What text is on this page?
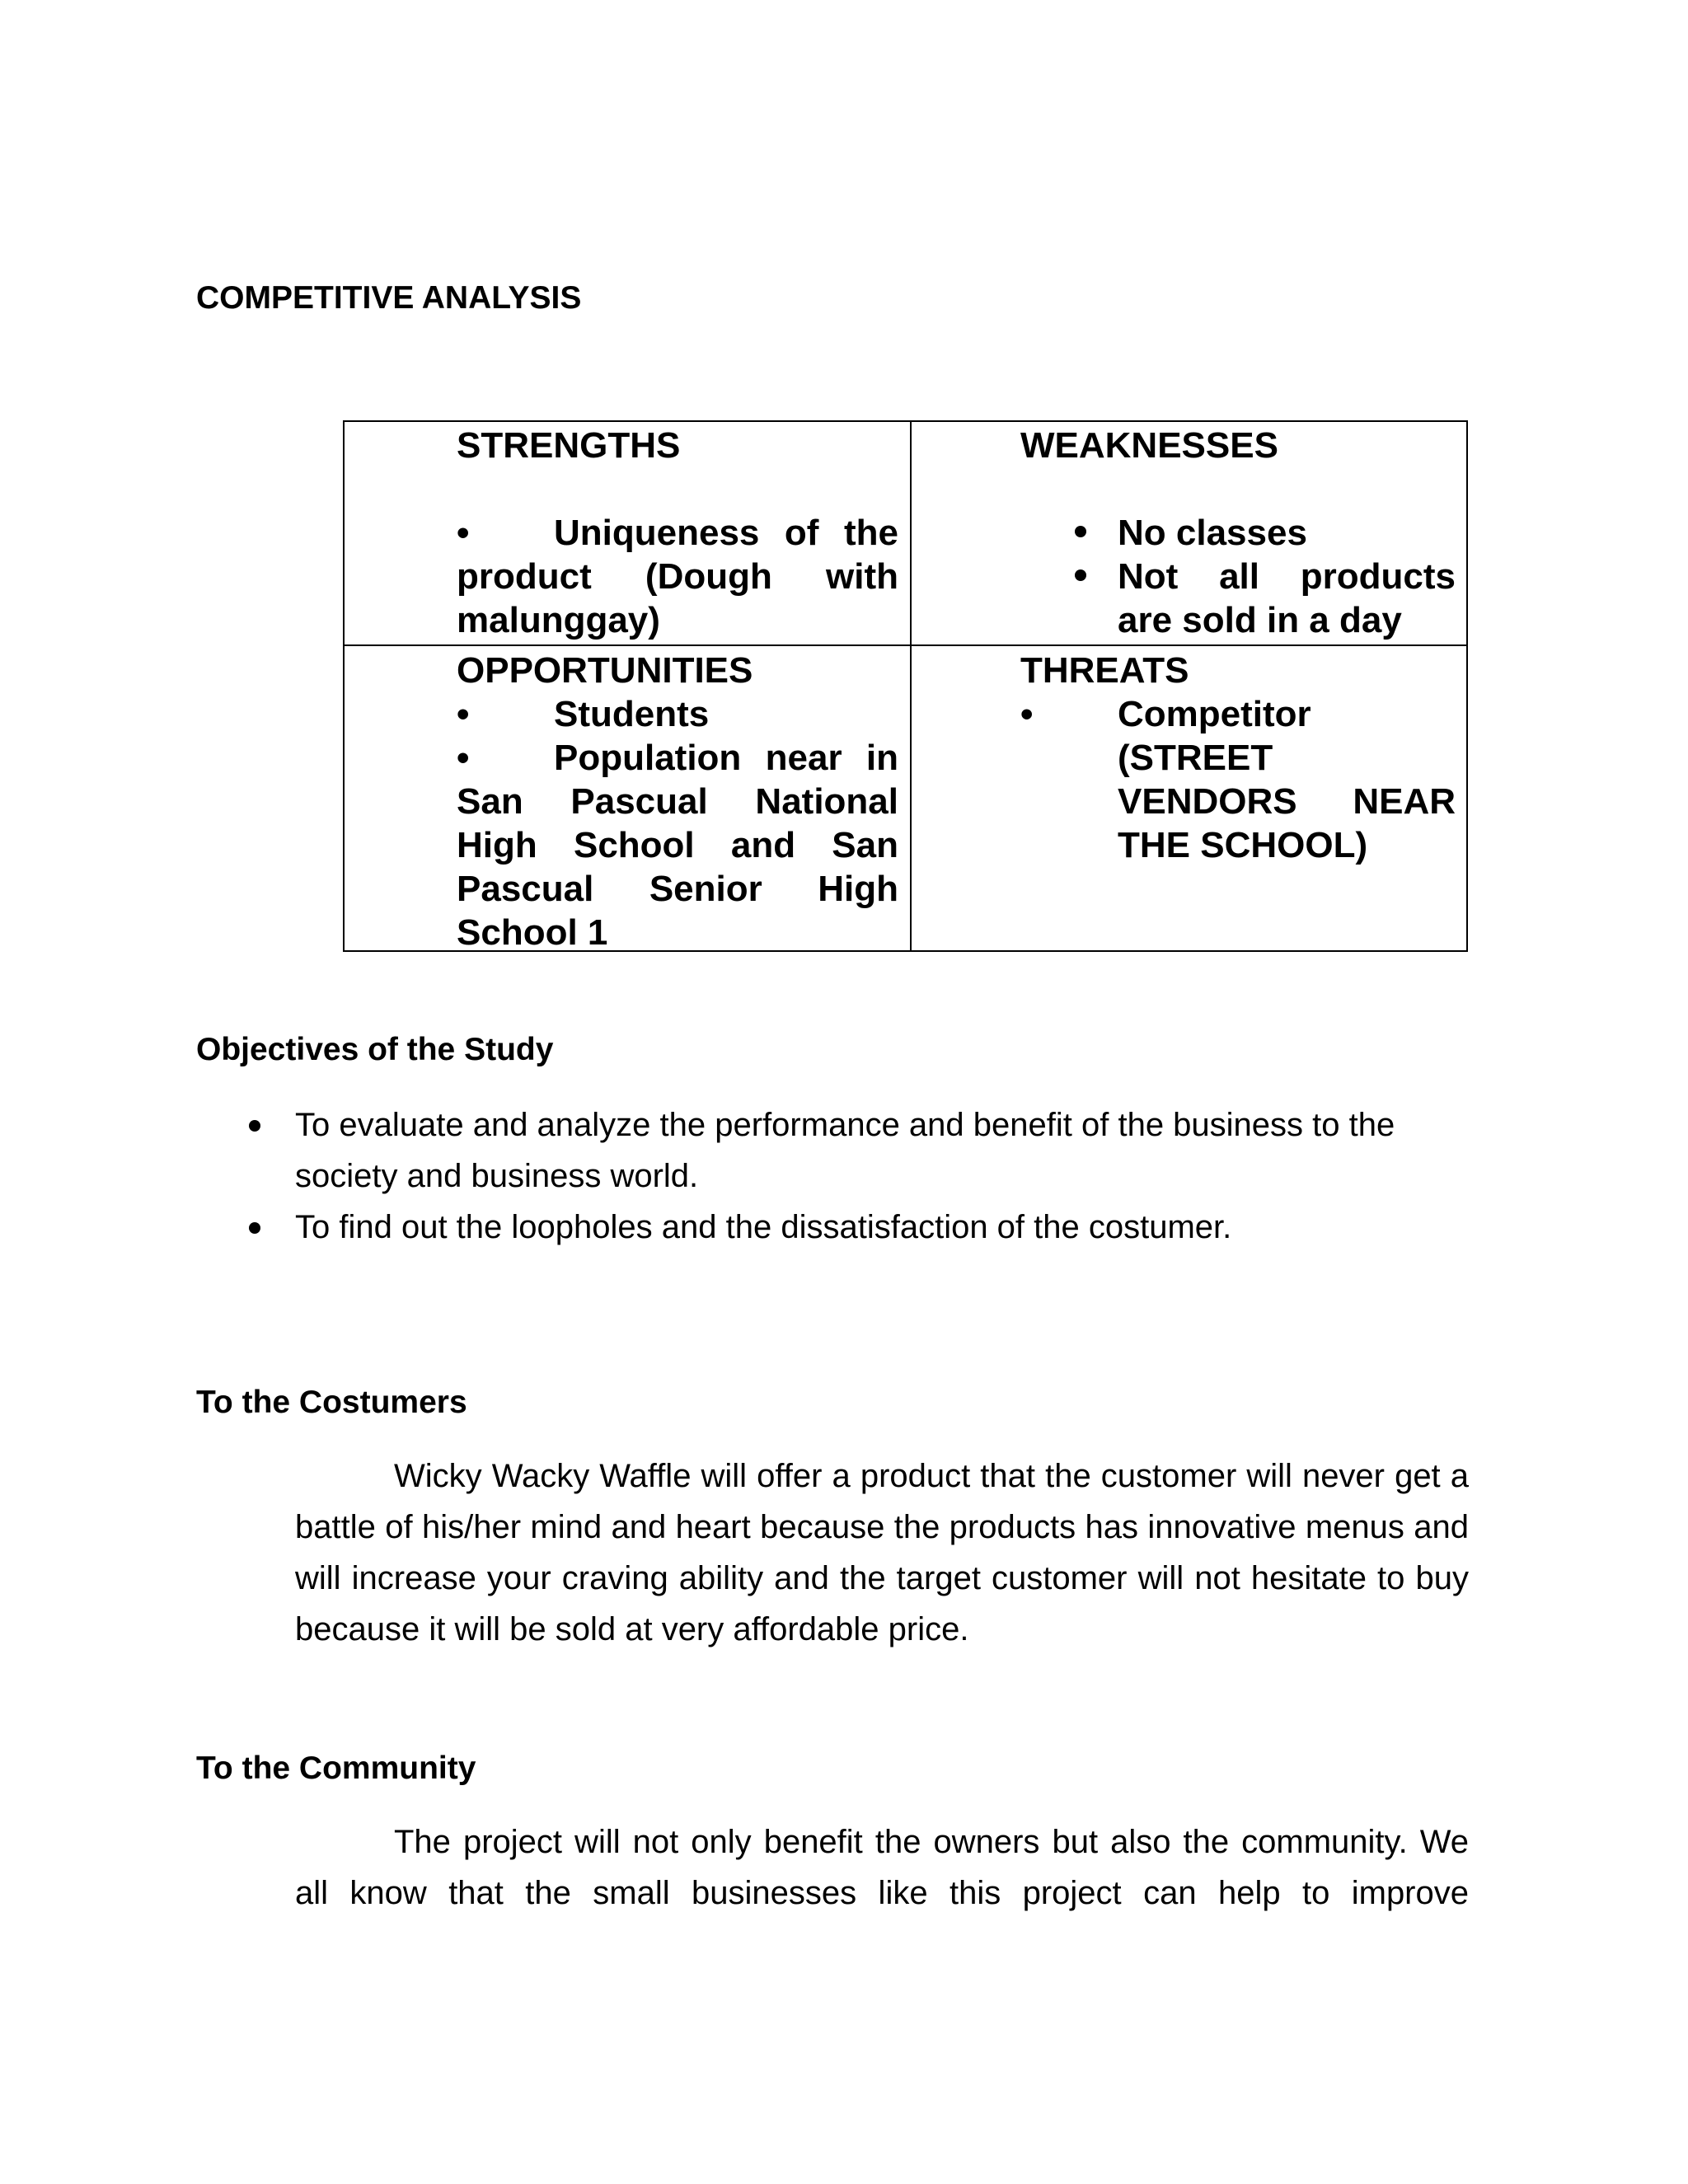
COMPETITIVE ANALYSIS
STRENGTHS

• Uniqueness of the product (Dough with malunggay)

WEAKNESSES
No classes
Not all products are sold in a day
OPPORTUNITIES

• Students

• Population near in San Pascual National High School and San Pascual Senior High School 1

THREATS
• Competitor (STREET VENDORS NEAR THE SCHOOL)
Objectives of the Study
To evaluate and analyze the performance and benefit of the business to the society and business world.
To find out the loopholes and the dissatisfaction of the costumer.
To the Costumers

Wicky Wacky Waffle will offer a product that the customer will never get a battle of his/her mind and heart because the products has innovative menus and will increase your craving ability and the target customer will not hesitate to buy because it will be sold at very affordable price.

To the Community

The project will not only benefit the owners but also the community. We all know that the small businesses like this project can help to improve
